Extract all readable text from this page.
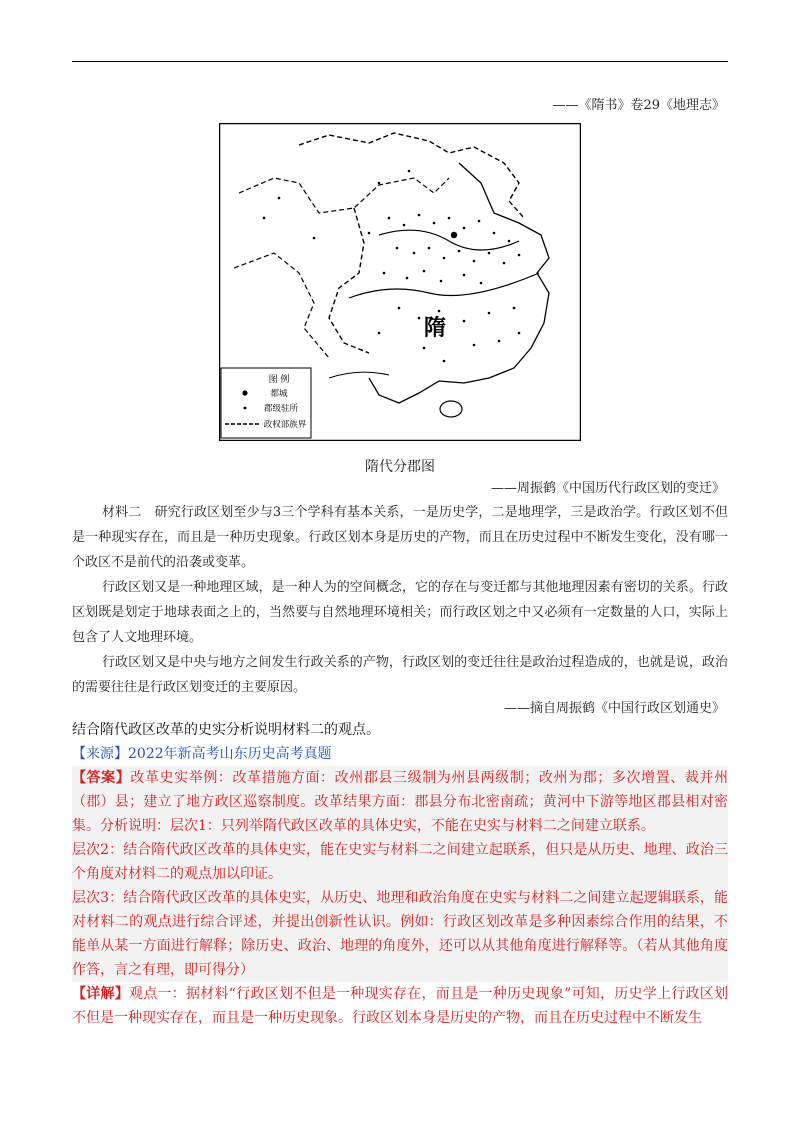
——《隋书》卷29《地理志》
隋
图 例
都城
郡级驻所
政权部族界
隋代分郡图
——周振鹤《中国历代行政区划的变迁》

材料二　研究行政区划至少与3三个学科有基本关系，一是历史学，二是地理学，三是政治学。行政区划不但是一种现实存在，而且是一种历史现象。行政区划本身是历史的产物，而且在历史过程中不断发生变化，没有哪一个政区不是前代的沿袭或变革。

行政区划又是一种地理区域，是一种人为的空间概念，它的存在与变迁都与其他地理因素有密切的关系。行政区划既是划定于地球表面之上的，当然要与自然地理环境相关；而行政区划之中又必须有一定数量的人口，实际上包含了人文地理环境。

行政区划又是中央与地方之间发生行政关系的产物，行政区划的变迁往往是政治过程造成的，也就是说，政治的需要往往是行政区划变迁的主要原因。

——摘自周振鹤《中国行政区划通史》
结合隋代政区改革的史实分析说明材料二的观点。
【来源】2022年新高考山东历史高考真题

【答案】改革史实举例：改革措施方面：改州郡县三级制为州县两级制；改州为郡；多次增置、裁并州（郡）县；建立了地方政区巡察制度。改革结果方面：郡县分布北密南疏；黄河中下游等地区郡县相对密集。分析说明：层次1：只列举隋代政区改革的具体史实，不能在史实与材料二之间建立联系。

层次2：结合隋代政区改革的具体史实，能在史实与材料二之间建立起联系，但只是从历史、地理、政治三个角度对材料二的观点加以印证。

层次3：结合隋代政区改革的具体史实，从历史、地理和政治角度在史实与材料二之间建立起逻辑联系，能对材料二的观点进行综合评述，并提出创新性认识。例如：行政区划改革是多种因素综合作用的结果，不能单从某一方面进行解释；除历史、政治、地理的角度外，还可以从其他角度进行解释等。（若从其他角度作答，言之有理，即可得分）

【详解】观点一：据材料“行政区划不但是一种现实存在，而且是一种历史现象”可知，历史学上行政区划不但是一种现实存在，而且是一种历史现象。行政区划本身是历史的产物，而且在历史过程中不断发生
